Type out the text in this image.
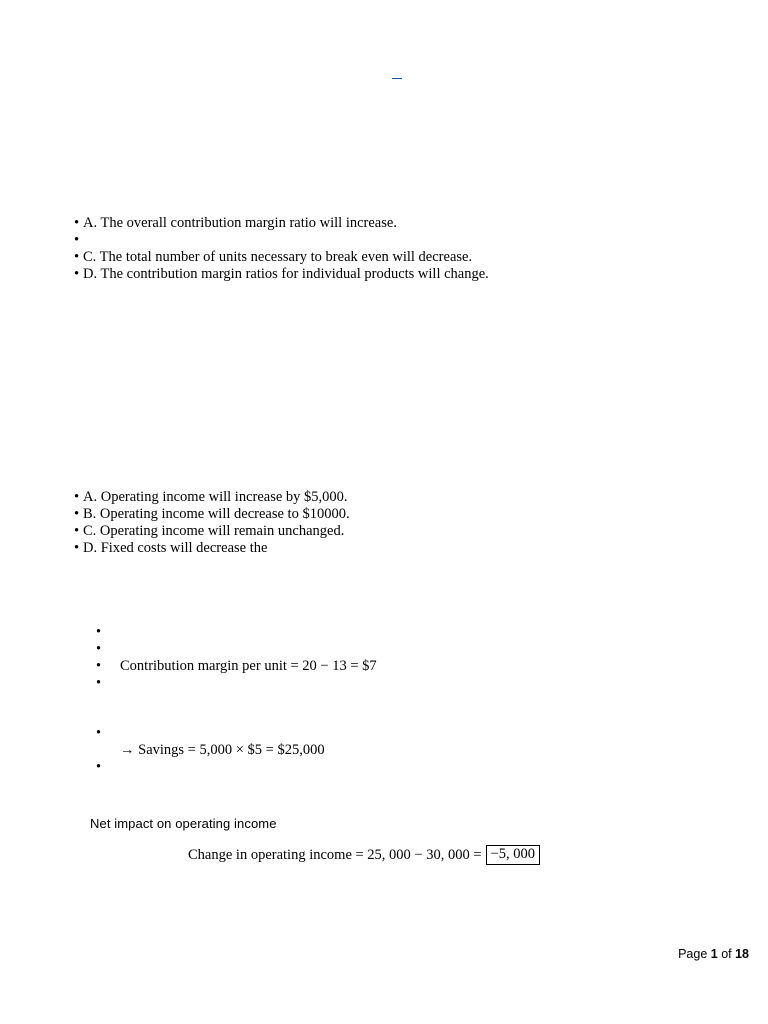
• A. The overall contribution margin ratio will increase.
•
• C. The total number of units necessary to break even will decrease.
• D. The contribution margin ratios for individual products will change.
• A. Operating income will increase by $5,000.
• B. Operating income will decrease to $10000.
• C. Operating income will remain unchanged.
• D. Fixed costs will decrease the
•
•
• Contribution margin per unit = 20 − 13 = $7
•
•
→ Savings = 5,000 × $5 = $25,000
•
Net impact on operating income
Change in operating income = 25, 000 − 30, 000 = −5, 000
Page 1 of 18
